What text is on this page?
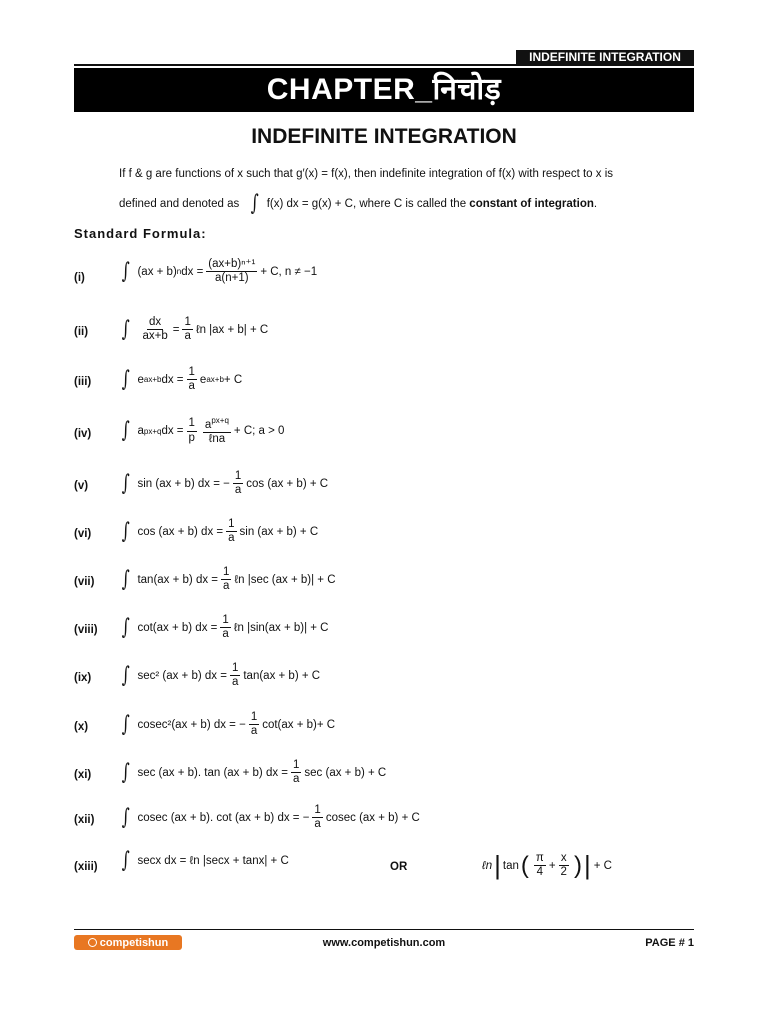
INDEFINITE INTEGRATION
CHAPTER_निचोड़
INDEFINITE INTEGRATION
If f & g are functions of x such that g′(x) = f(x), then indefinite integration of f(x) with respect to x is
defined and denoted as ∫ f(x) dx = g(x) + C, where C is called the
constant of integration .
Standard Formula:
(i) ∫ (ax + b) n dx = $\frac{\text{(ax+b)ⁿ⁺¹}}{a(n+1)} + C$, n ≠ −1
(ii) ∫ $\frac{dx}{ax+b} = \frac{1}{a}$ ℓn |ax + b| + C
(iii) ∫ e ax+b dx = $\frac{1}{a}$ e ax+b + C
(iv) ∫ a px+q dx = $\frac{1}{p} \frac{a^{px+q}}{\text{ℓna}} + C$; a > 0
(v) ∫ sin (ax + b) dx = − $\frac{1}{a}$ cos (ax + b) + C
(vi) ∫ cos (ax + b) dx = $\frac{1}{a}$ sin (ax + b) + C
(vii) ∫ tan(ax + b) dx = $\frac{1}{a}$ ℓn |sec (ax + b)| + C
(viii) ∫ cot(ax + b) dx = $\frac{1}{a}$ ℓn |sin(ax + b)| + C
(ix) ∫ sec² (ax + b) dx = $\frac{1}{a} \tan(ax + b) + C$
(x) ∫ cosec²(ax + b) dx = − $\frac{1}{a} \cot(ax + b)+ C$
(xi) ∫ sec (ax + b). tan (ax + b) dx = $\frac{1}{a}$ sec (ax + b) + C
(xii) ∫ cosec (ax + b). cot (ax + b) dx = − $\frac{1}{a}$ cosec (ax + b) + C
(xiii) ∫ secx dx = ℓn |secx + tanx| + C	OR	ℓn | tan ( $\frac{\pi}{4} + \frac{x}{2}$ ) | + C
competishun	www.competishun.com	PAGE # 1
